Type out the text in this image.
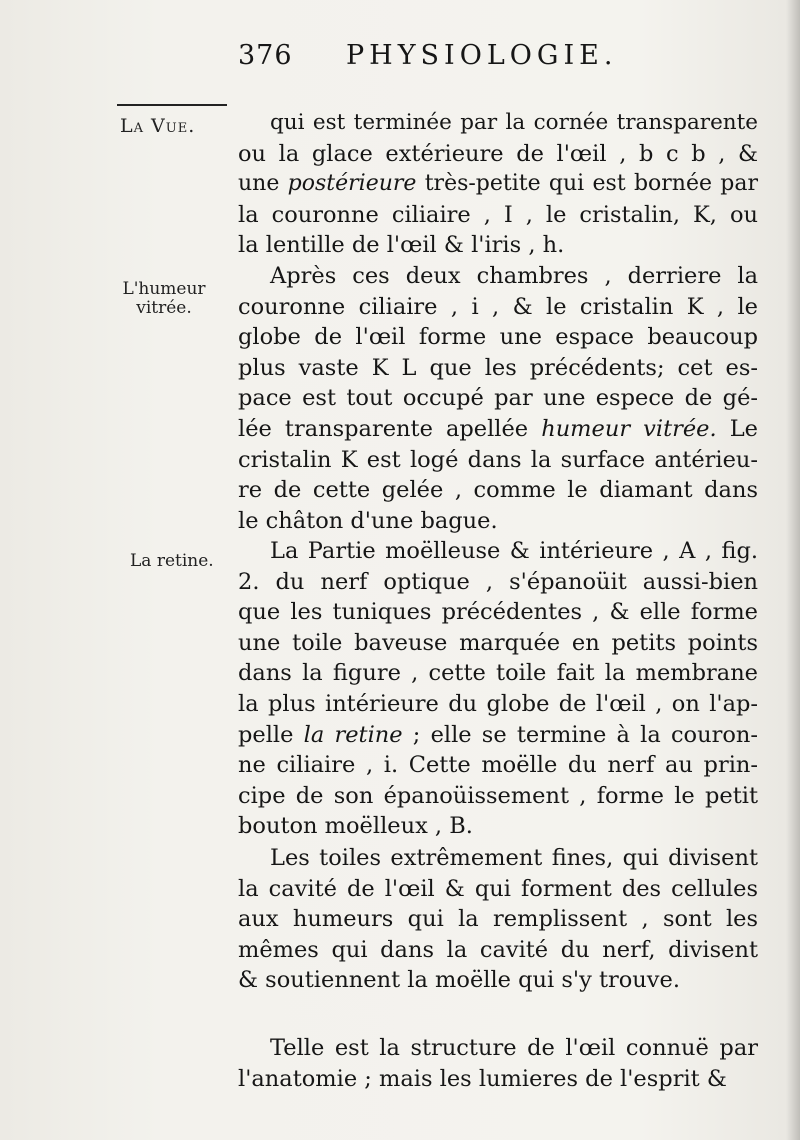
376 PHYSIOLOGIE.
La Vue.
L'humeur vitrée.
La retine.
qui est terminée par la cornée transparente
ou la glace extérieure de l'œil , b c b , &
une postérieure très-petite qui est bornée par
la couronne ciliaire , I , le cristalin, K, ou
la lentille de l'œil & l'iris , h.
Après ces deux chambres , derriere la
couronne ciliaire , i , & le cristalin K , le
globe de l'œil forme une espace beaucoup
plus vaste K L que les précédents; cet es-
pace est tout occupé par une espece de gé-
lée transparente apellée humeur vitrée. Le
cristalin K est logé dans la surface antérieu-
re de cette gelée , comme le diamant dans
le châton d'une bague.
La Partie moëlleuse & intérieure , A , fig.
2. du nerf optique , s'épanoüit aussi-bien
que les tuniques précédentes , & elle forme
une toile baveuse marquée en petits points
dans la figure , cette toile fait la membrane
la plus intérieure du globe de l'œil , on l'ap-
pelle la retine ; elle se termine à la couron-
ne ciliaire , i. Cette moëlle du nerf au prin-
cipe de son épanoüissement , forme le petit
bouton moëlleux , B.
Les toiles extrêmement fines, qui divisent
la cavité de l'œil & qui forment des cellules
aux humeurs qui la remplissent , sont les
mêmes qui dans la cavité du nerf, divisent
& soutiennent la moëlle qui s'y trouve.
Telle est la structure de l'œil connuë par
l'anatomie ; mais les lumieres de l'esprit &
